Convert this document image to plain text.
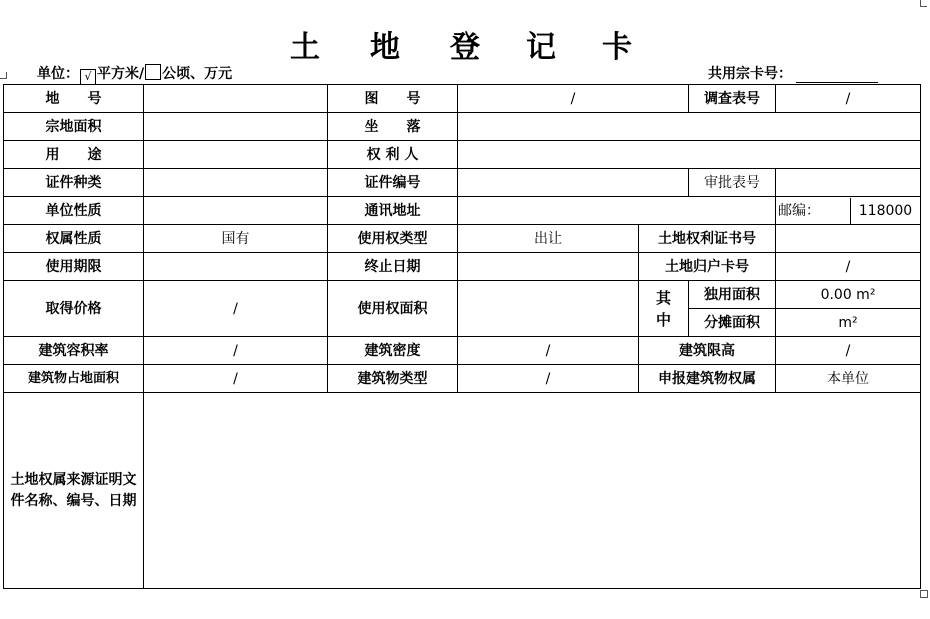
土 地 登 记 卡
单位： √ 平方米/ 公顷、万元	共用宗卡号：
地　　号		图　　号	/		调查表号	/
宗地面积		坐　　落				
用　　途		权 利 人				
证件种类		证件编号			审批表号	
单位性质		通讯地址				邮编： 118000

权属性质	国有	使用权类型	出让	土地权利证书号		
使用期限		终止日期		土地归户卡号		/
取得价格	/	使用权面积		其中	独用面积	0.00 m²
					分摊面积	m²
建筑容积率	/	建筑密度	/	建筑限高		/
建筑物占地面积	/	建筑物类型	/	申报建筑物权属		本单位
土地权属来源证明文件名称、编号、日期						
